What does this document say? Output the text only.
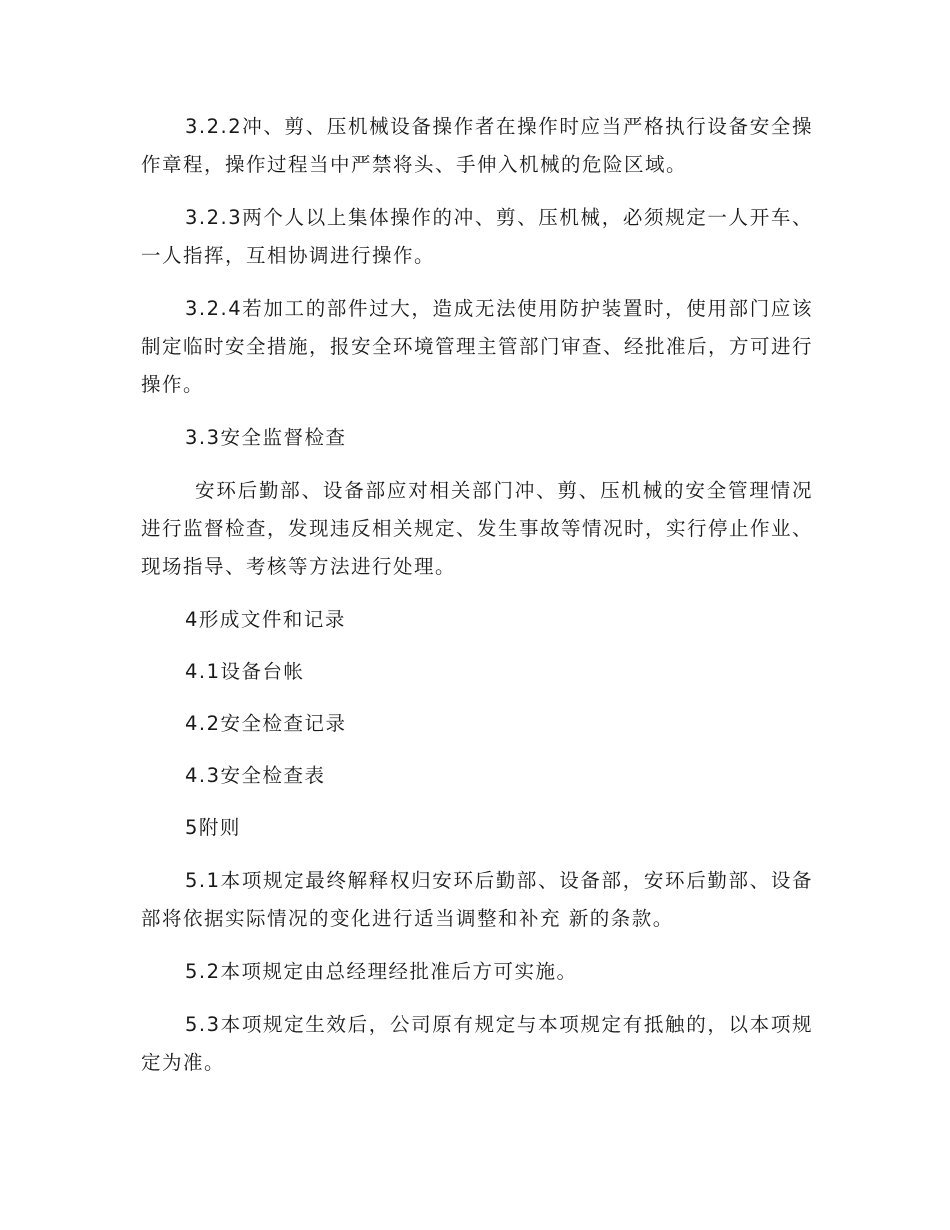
3.2.2冲、剪、压机械设备操作者在操作时应当严格执行设备安全操作章程，操作过程当中严禁将头、手伸入机械的危险区域。

3.2.3两个人以上集体操作的冲、剪、压机械，必须规定一人开车、一人指挥，互相协调进行操作。

3.2.4若加工的部件过大，造成无法使用防护装置时，使用部门应该制定临时安全措施，报安全环境管理主管部门审查、经批准后，方可进行操作。

3.3安全监督检查

安环后勤部、设备部应对相关部门冲、剪、压机械的安全管理情况进行监督检查，发现违反相关规定、发生事故等情况时，实行停止作业、现场指导、考核等方法进行处理。

4形成文件和记录

4.1设备台帐

4.2安全检查记录

4.3安全检查表

5附则

5.1本项规定最终解释权归安环后勤部、设备部，安环后勤部、设备部将依据实际情况的变化进行适当调整和补充 新的条款。

5.2本项规定由总经理经批准后方可实施。

5.3本项规定生效后，公司原有规定与本项规定有抵触的，以本项规定为准。
